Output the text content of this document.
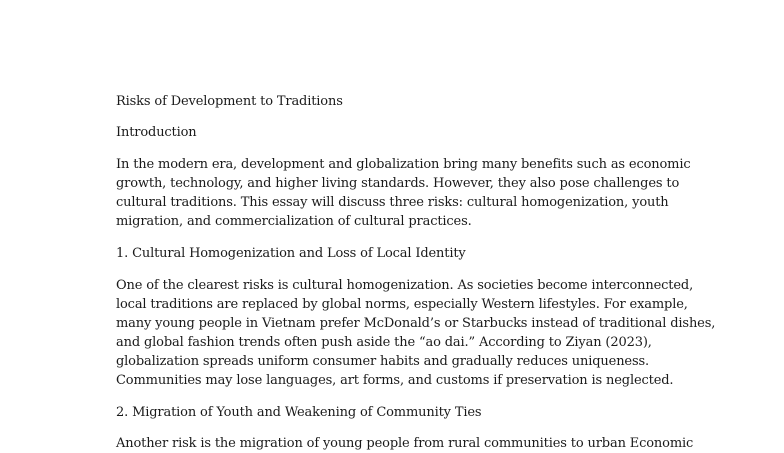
Risks of Development to Traditions
Introduction
In the modern era, development and globalization bring many benefits such as economic
growth, technology, and higher living standards. However, they also pose challenges to
cultural traditions. This essay will discuss three risks: cultural homogenization, youth
migration, and commercialization of cultural practices.
1. Cultural Homogenization and Loss of Local Identity
One of the clearest risks is cultural homogenization. As societies become interconnected,
local traditions are replaced by global norms, especially Western lifestyles. For example,
many young people in Vietnam prefer McDonald’s or Starbucks instead of traditional dishes,
and global fashion trends often push aside the “ao dai.” According to Ziyan (2023),
globalization spreads uniform consumer habits and gradually reduces uniqueness.
Communities may lose languages, art forms, and customs if preservation is neglected.
2. Migration of Youth and Weakening of Community Ties
Another risk is the migration of young people from rural communities to urban Economic
